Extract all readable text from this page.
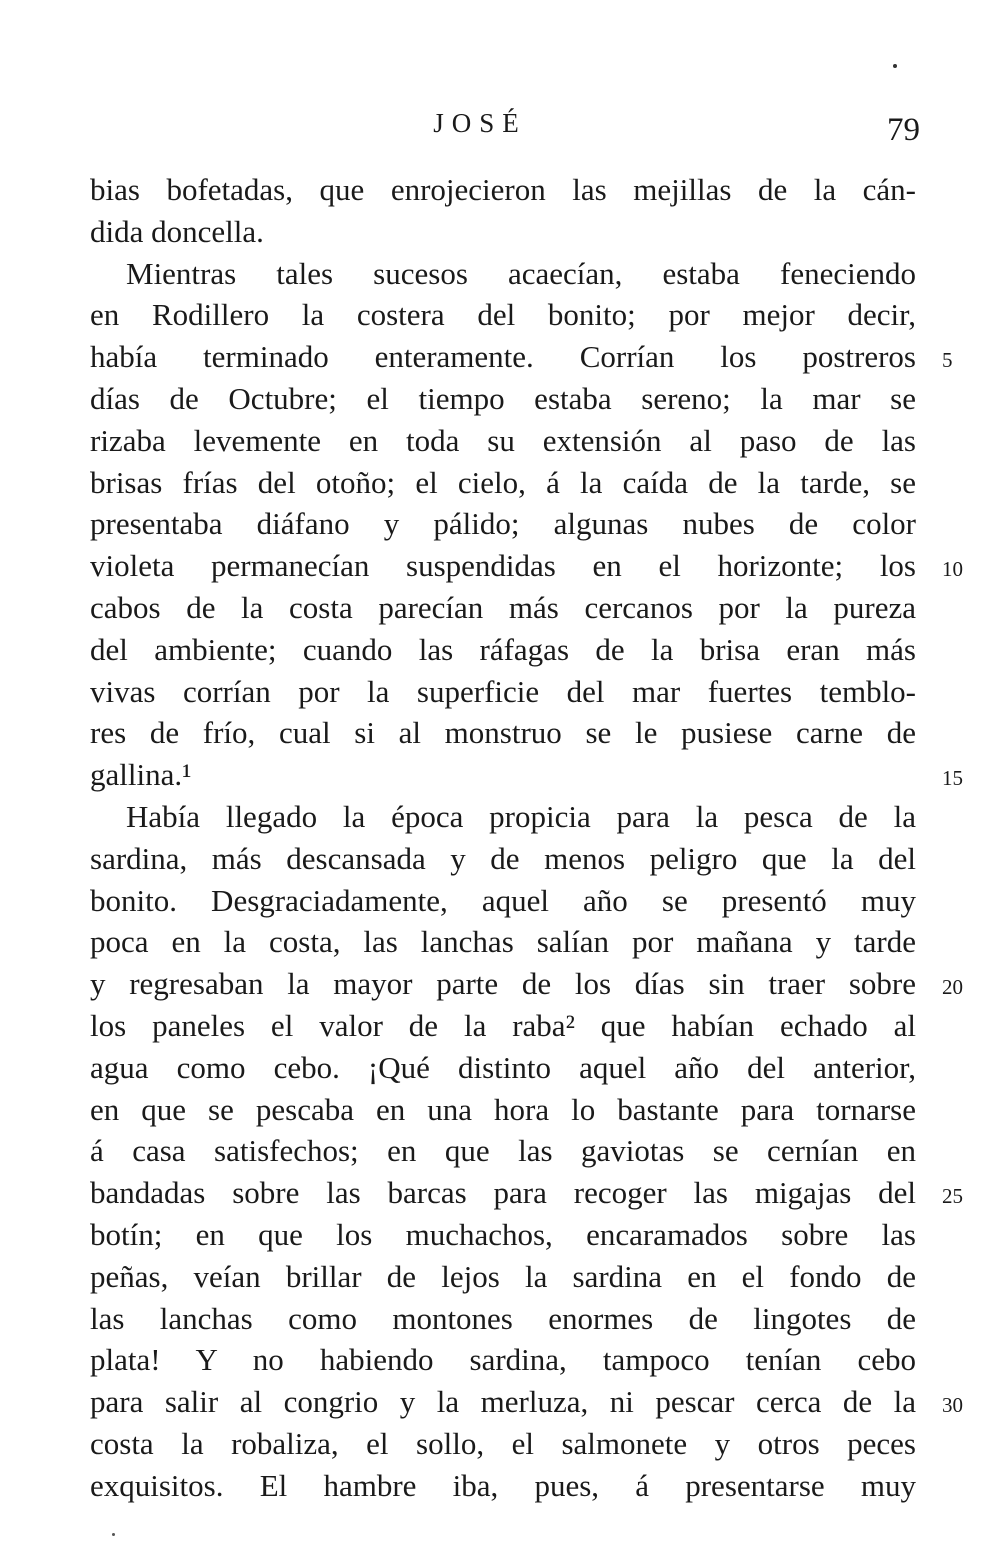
JOSÉ	79
bias bofetadas, que enrojecieron las mejillas de la cán-
dida doncella.
Mientras tales sucesos acaecían, estaba feneciendo
en Rodillero la costera del bonito; por mejor decir,
había terminado enteramente. Corrían los postreros 5
días de Octubre; el tiempo estaba sereno; la mar se
rizaba levemente en toda su extensión al paso de las
brisas frías del otoño; el cielo, á la caída de la tarde, se
presentaba diáfano y pálido; algunas nubes de color
violeta permanecían suspendidas en el horizonte; los 10
cabos de la costa parecían más cercanos por la pureza
del ambiente; cuando las ráfagas de la brisa eran más
vivas corrían por la superficie del mar fuertes temblo-
res de frío, cual si al monstruo se le pusiese carne de
gallina.¹	15
Había llegado la época propicia para la pesca de la
sardina, más descansada y de menos peligro que la del
bonito. Desgraciadamente, aquel año se presentó muy
poca en la costa, las lanchas salían por mañana y tarde
y regresaban la mayor parte de los días sin traer sobre 20
los paneles el valor de la raba² que habían echado al
agua como cebo. ¡Qué distinto aquel año del anterior,
en que se pescaba en una hora lo bastante para tornarse
á casa satisfechos; en que las gaviotas se cernían en
bandadas sobre las barcas para recoger las migajas del 25
botín; en que los muchachos, encaramados sobre las
peñas, veían brillar de lejos la sardina en el fondo de
las lanchas como montones enormes de lingotes de
plata! Y no habiendo sardina, tampoco tenían cebo
para salir al congrio y la merluza, ni pescar cerca de la 30
costa la robaliza, el sollo, el salmonete y otros peces
exquisitos. El hambre iba, pues, á presentarse muy
